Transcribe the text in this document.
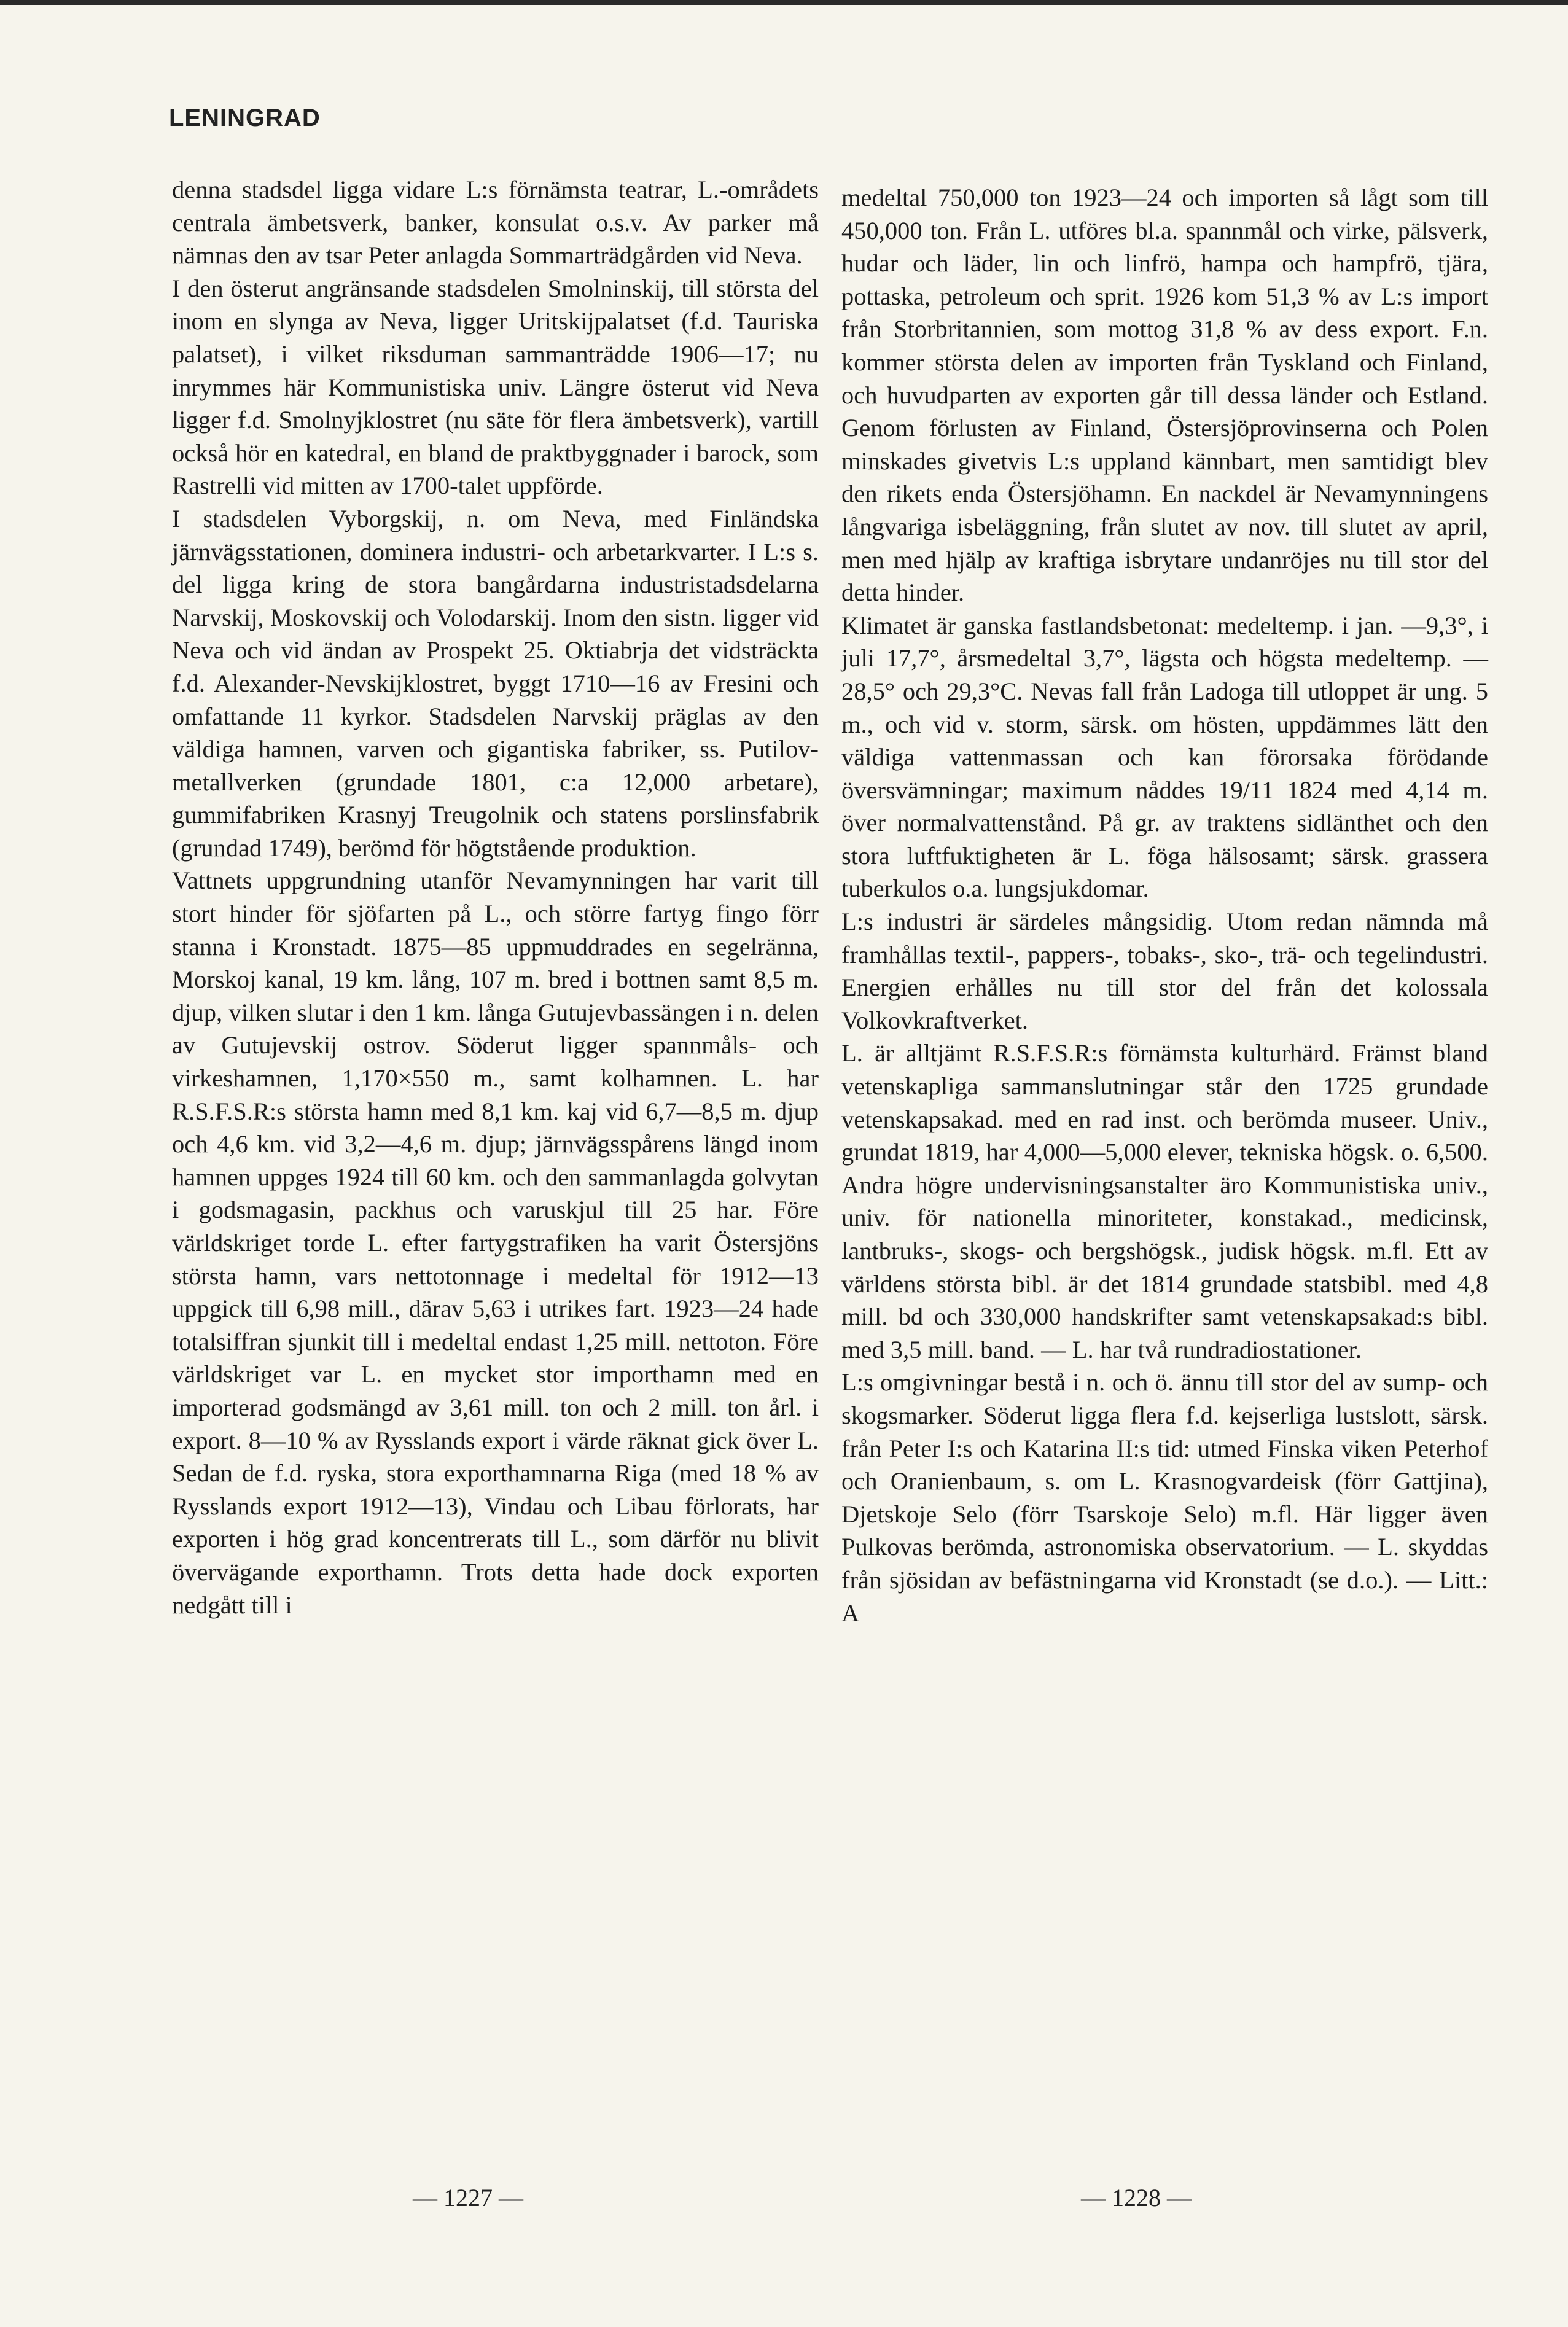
LENINGRAD

denna stadsdel ligga vidare L:s förnämsta teatrar, L.-områdets centrala ämbetsverk, banker, konsulat o.s.v. Av parker må nämnas den av tsar Peter anlagda Sommarträdgården vid Neva.

I den österut angränsande stadsdelen Smolninskij, till största del inom en slynga av Neva, ligger Uritskijpalatset (f.d. Tauriska palatset), i vilket riksduman sammanträdde 1906—17; nu inrymmes här Kommunistiska univ. Längre österut vid Neva ligger f.d. Smolnyjklostret (nu säte för flera ämbetsverk), vartill också hör en katedral, en bland de praktbyggnader i barock, som Rastrelli vid mitten av 1700-talet uppförde.

I stadsdelen Vyborgskij, n. om Neva, med Finländska järnvägsstationen, dominera industri- och arbetarkvarter. I L:s s. del ligga kring de stora bangårdarna industristadsdelarna Narvskij, Moskovskij och Volodarskij. Inom den sistn. ligger vid Neva och vid ändan av Prospekt 25. Oktiabrja det vidsträckta f.d. Alexander-Nevskijklostret, byggt 1710—16 av Fresini och omfattande 11 kyrkor. Stadsdelen Narvskij präglas av den väldiga hamnen, varven och gigantiska fabriker, ss. Putilov-metallverken (grundade 1801, c:a 12,000 arbetare), gummifabriken Krasnyj Treugolnik och statens porslinsfabrik (grundad 1749), berömd för högtstående produktion.

Vattnets uppgrundning utanför Nevamynningen har varit till stort hinder för sjöfarten på L., och större fartyg fingo förr stanna i Kronstadt. 1875—85 uppmuddrades en segelränna, Morskoj kanal, 19 km. lång, 107 m. bred i bottnen samt 8,5 m. djup, vilken slutar i den 1 km. långa Gutujevbassängen i n. delen av Gutujevskij ostrov. Söderut ligger spannmåls- och virkeshamnen, 1,170×550 m., samt kolhamnen. L. har R.S.F.S.R:s största hamn med 8,1 km. kaj vid 6,7—8,5 m. djup och 4,6 km. vid 3,2—4,6 m. djup; järnvägsspårens längd inom hamnen uppges 1924 till 60 km. och den sammanlagda golvytan i godsmagasin, packhus och varuskjul till 25 har. Före världskriget torde L. efter fartygstrafiken ha varit Östersjöns största hamn, vars nettotonnage i medeltal för 1912—13 uppgick till 6,98 mill., därav 5,63 i utrikes fart. 1923—24 hade totalsiffran sjunkit till i medeltal endast 1,25 mill. nettoton. Före världskriget var L. en mycket stor importhamn med en importerad godsmängd av 3,61 mill. ton och 2 mill. ton årl. i export. 8—10 % av Rysslands export i värde räknat gick över L. Sedan de f.d. ryska, stora exporthamnarna Riga (med 18 % av Rysslands export 1912—13), Vindau och Libau förlorats, har exporten i hög grad koncentrerats till L., som därför nu blivit övervägande exporthamn. Trots detta hade dock exporten nedgått till i

medeltal 750,000 ton 1923—24 och importen så lågt som till 450,000 ton. Från L. utföres bl.a. spannmål och virke, pälsverk, hudar och läder, lin och linfrö, hampa och hampfrö, tjära, pottaska, petroleum och sprit. 1926 kom 51,3 % av L:s import från Storbritannien, som mottog 31,8 % av dess export. F.n. kommer största delen av importen från Tyskland och Finland, och huvudparten av exporten går till dessa länder och Estland. Genom förlusten av Finland, Östersjöprovinserna och Polen minskades givetvis L:s uppland kännbart, men samtidigt blev den rikets enda Östersjöhamn. En nackdel är Nevamynningens långvariga isbeläggning, från slutet av nov. till slutet av april, men med hjälp av kraftiga isbrytare undanröjes nu till stor del detta hinder.

Klimatet är ganska fastlandsbetonat: medeltemp. i jan. —9,3°, i juli 17,7°, årsmedeltal 3,7°, lägsta och högsta medeltemp. —28,5° och 29,3°C. Nevas fall från Ladoga till utloppet är ung. 5 m., och vid v. storm, särsk. om hösten, uppdämmes lätt den väldiga vattenmassan och kan förorsaka förödande översvämningar; maximum nåddes 19/11 1824 med 4,14 m. över normalvattenstånd. På gr. av traktens sidlänthet och den stora luftfuktigheten är L. föga hälsosamt; särsk. grassera tuberkulos o.a. lungsjukdomar.

L:s industri är särdeles mångsidig. Utom redan nämnda må framhållas textil-, pappers-, tobaks-, sko-, trä- och tegelindustri. Energien erhålles nu till stor del från det kolossala Volkovkraftverket.

L. är alltjämt R.S.F.S.R:s förnämsta kulturhärd. Främst bland vetenskapliga sammanslutningar står den 1725 grundade vetenskapsakad. med en rad inst. och berömda museer. Univ., grundat 1819, har 4,000—5,000 elever, tekniska högsk. o. 6,500. Andra högre undervisningsanstalter äro Kommunistiska univ., univ. för nationella minoriteter, konstakad., medicinsk, lantbruks-, skogs- och bergshögsk., judisk högsk. m.fl. Ett av världens största bibl. är det 1814 grundade statsbibl. med 4,8 mill. bd och 330,000 handskrifter samt vetenskapsakad:s bibl. med 3,5 mill. band. — L. har två rundradiostationer.

L:s omgivningar bestå i n. och ö. ännu till stor del av sump- och skogsmarker. Söderut ligga flera f.d. kejserliga lustslott, särsk. från Peter I:s och Katarina II:s tid: utmed Finska viken Peterhof och Oranienbaum, s. om L. Krasnogvardeisk (förr Gattjina), Djetskoje Selo (förr Tsarskoje Selo) m.fl. Här ligger även Pulkovas berömda, astronomiska observatorium. — L. skyddas från sjösidan av befästningarna vid Kronstadt (se d.o.). — Litt.: A

— 1227 —	— 1228 —
